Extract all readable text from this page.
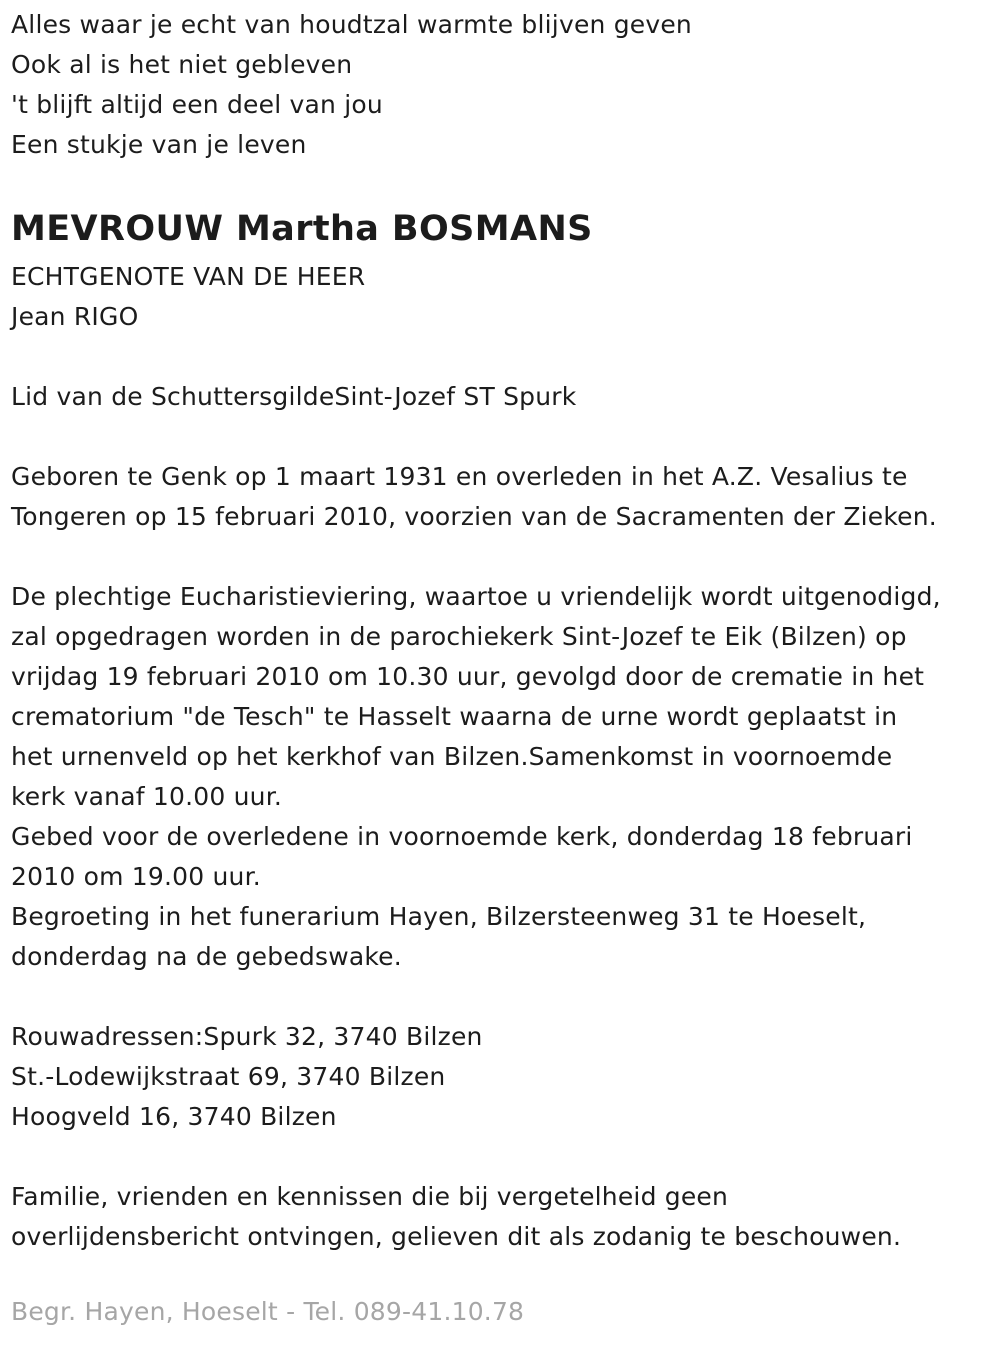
Alles waar je echt van houdtzal warmte blijven geven
Ook al is het niet gebleven
't blijft altijd een deel van jou
Een stukje van je leven
MEVROUW Martha BOSMANS
ECHTGENOTE VAN DE HEER
Jean RIGO
Lid van de SchuttersgildeSint-Jozef ST Spurk
Geboren te Genk op 1 maart 1931 en overleden in het A.Z. Vesalius te
Tongeren op 15 februari 2010, voorzien van de Sacramenten der Zieken.
De plechtige Eucharistieviering, waartoe u vriendelijk wordt uitgenodigd,
zal opgedragen worden in de parochiekerk Sint-Jozef te Eik (Bilzen) op
vrijdag 19 februari 2010 om 10.30 uur, gevolgd door de crematie in het
crematorium "de Tesch" te Hasselt waarna de urne wordt geplaatst in
het urnenveld op het kerkhof van Bilzen.Samenkomst in voornoemde
kerk vanaf 10.00 uur.
Gebed voor de overledene in voornoemde kerk, donderdag 18 februari
2010 om 19.00 uur.
Begroeting in het funerarium Hayen, Bilzersteenweg 31 te Hoeselt,
donderdag na de gebedswake.
Rouwadressen:Spurk 32, 3740 Bilzen
St.-Lodewijkstraat 69, 3740 Bilzen
Hoogveld 16, 3740 Bilzen
Familie, vrienden en kennissen die bij vergetelheid geen
overlijdensbericht ontvingen, gelieven dit als zodanig te beschouwen.
Begr. Hayen, Hoeselt - Tel. 089-41.10.78
